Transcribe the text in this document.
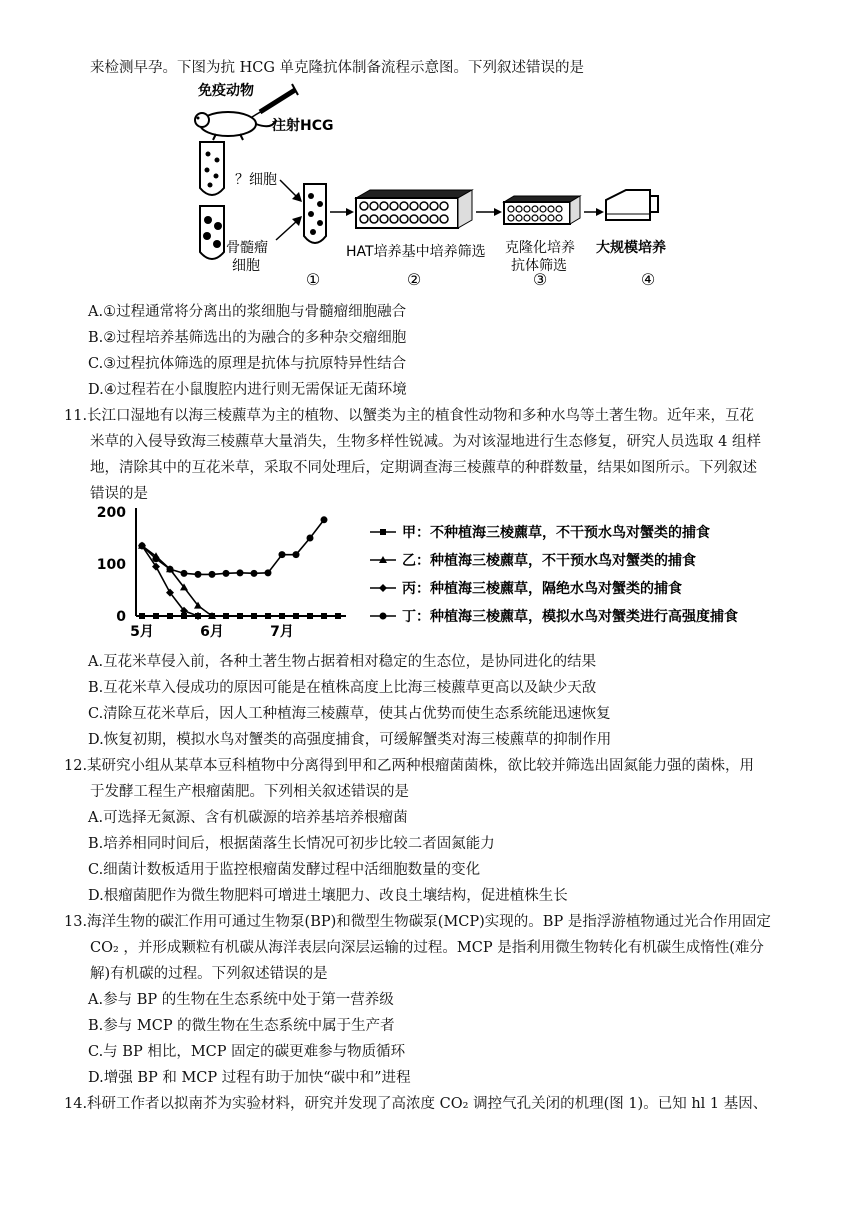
来检测早孕。下图为抗 HCG 单克隆抗体制备流程示意图。下列叙述错误的是
免疫动物
注射HCG
？细胞
骨髓瘤
细胞
①
HAT培养基中培养筛选
②
克隆化培养
抗体筛选
③
大规模培养
④
A.①过程通常将分离出的浆细胞与骨髓瘤细胞融合
B.②过程培养基筛选出的为融合的多种杂交瘤细胞
C.③过程抗体筛选的原理是抗体与抗原特异性结合
D.④过程若在小鼠腹腔内进行则无需保证无菌环境
11.长江口湿地有以海三棱藨草为主的植物、以蟹类为主的植食性动物和多种水鸟等土著生物。近年来，互花
米草的入侵导致海三棱藨草大量消失，生物多样性锐减。为对该湿地进行生态修复，研究人员选取 4 组样
地，清除其中的互花米草，采取不同处理后，定期调查海三棱藨草的种群数量，结果如图所示。下列叙述
错误的是
0
100
200
5月	6月	7月
甲：不种植海三棱藨草，不干预水鸟对蟹类的捕食
乙：种植海三棱藨草，不干预水鸟对蟹类的捕食
丙：种植海三棱藨草，隔绝水鸟对蟹类的捕食
丁：种植海三棱藨草，模拟水鸟对蟹类进行高强度捕食
A.互花米草侵入前，各种土著生物占据着相对稳定的生态位，是协同进化的结果
B.互花米草入侵成功的原因可能是在植株高度上比海三棱藨草更高以及缺少天敌
C.清除互花米草后，因人工种植海三棱藨草，使其占优势而使生态系统能迅速恢复
D.恢复初期，模拟水鸟对蟹类的高强度捕食，可缓解蟹类对海三棱藨草的抑制作用
12.某研究小组从某草本豆科植物中分离得到甲和乙两种根瘤菌菌株，欲比较并筛选出固氮能力强的菌株，用
于发酵工程生产根瘤菌肥。下列相关叙述错误的是
A.可选择无氮源、含有机碳源的培养基培养根瘤菌
B.培养相同时间后，根据菌落生长情况可初步比较二者固氮能力
C.细菌计数板适用于监控根瘤菌发酵过程中活细胞数量的变化
D.根瘤菌肥作为微生物肥料可增进土壤肥力、改良土壤结构，促进植株生长
13.海洋生物的碳汇作用可通过生物泵(BP)和微型生物碳泵(MCP)实现的。BP 是指浮游植物通过光合作用固定
CO₂ ，并形成颗粒有机碳从海洋表层向深层运输的过程。MCP 是指利用微生物转化有机碳生成惰性(难分
解)有机碳的过程。下列叙述错误的是
A.参与 BP 的生物在生态系统中处于第一营养级
B.参与 MCP 的微生物在生态系统中属于生产者
C.与 BP 相比，MCP 固定的碳更难参与物质循环
D.增强 BP 和 MCP 过程有助于加快“碳中和”进程
14.科研工作者以拟南芥为实验材料，研究并发现了高浓度 CO₂ 调控气孔关闭的机理(图 1)。已知 hl 1 基因、
